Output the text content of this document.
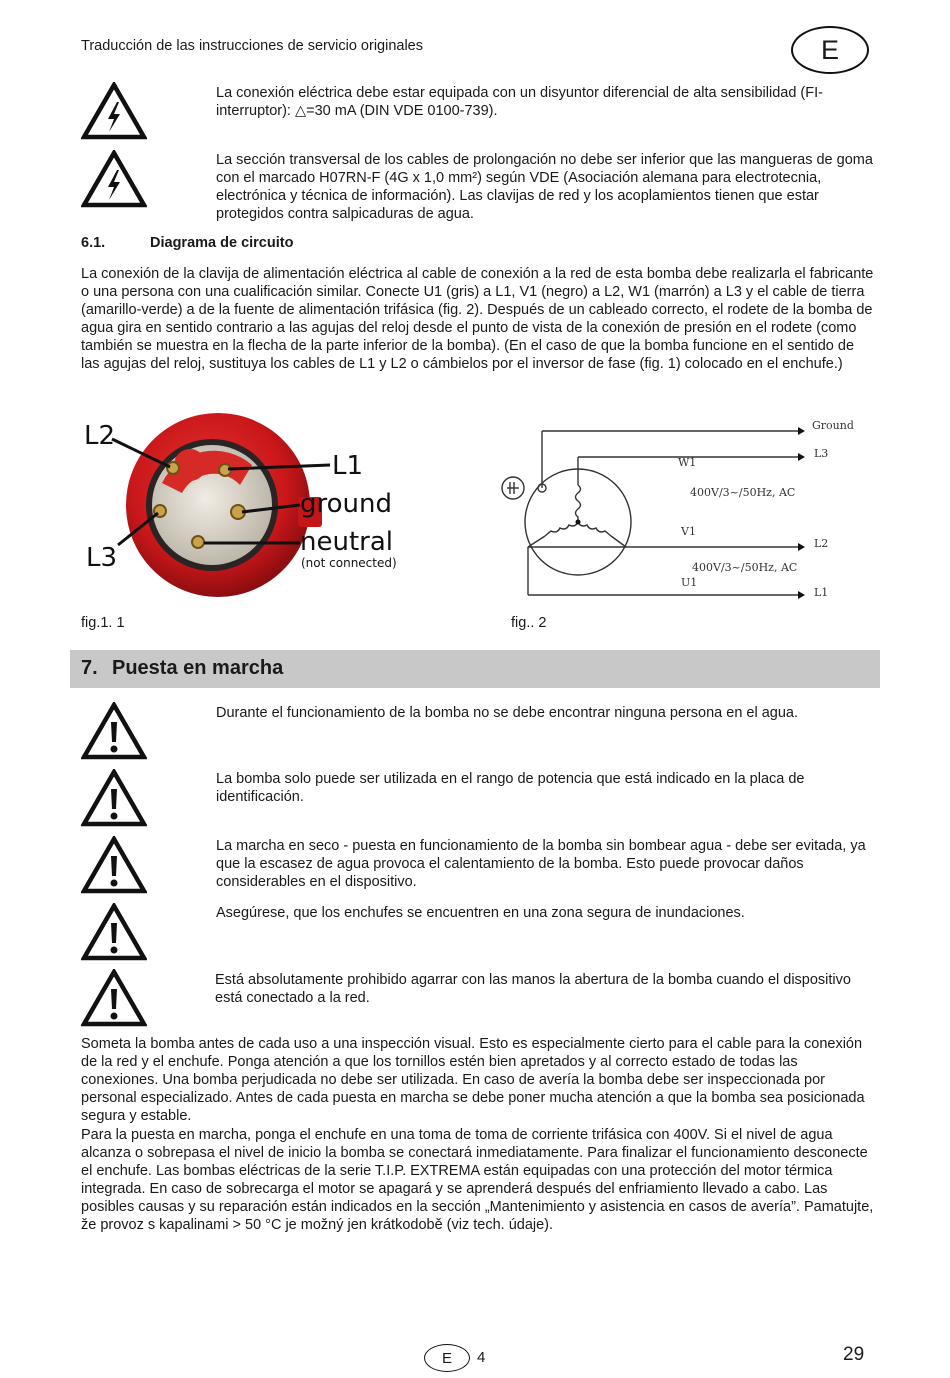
Traducción de las instrucciones de servicio originales	E
La conexión eléctrica debe estar equipada con un disyuntor diferencial de alta sensibilidad (FI-interruptor): △=30 mA (DIN VDE 0100-739).
La sección transversal de los cables de prolongación no debe ser inferior que las mangueras de goma con el marcado H07RN-F (4G x 1,0 mm²) según VDE (Asociación alemana para electrotecnia, electrónica y técnica de información). Las clavijas de red y los acoplamientos tienen que estar protegidos contra salpicaduras de agua.
6.1.	Diagrama de circuito
La conexión de la clavija de alimentación eléctrica al cable de conexión a la red de esta bomba debe realizarla el fabricante o una persona con una cualificación similar. Conecte U1 (gris) a L1, V1 (negro) a L2, W1 (marrón) a L3 y el cable de tierra (amarillo-verde) a de la fuente de alimentación trifásica (fig. 2). Después de un cableado correcto, el rodete de la bomba de agua gira en sentido contrario a las agujas del reloj desde el punto de vista de la conexión de presión en el rodete (como también se muestra en la flecha de la parte inferior de la bomba). (En el caso de que la bomba funcione en el sentido de las agujas del reloj, sustituya los cables de L1 y L2 o cámbielos por el inversor de fase (fig. 1) colocado en el enchufe.)
L2
L1
ground
neutral
(not connected)
L3
Ground
L3
W1
400V/3~/50Hz, AC
V1
L2
400V/3~/50Hz, AC
U1
L1
fig.1. 1	fig.. 2
7. Puesta en marcha
Durante el funcionamiento de la bomba no se debe encontrar ninguna persona en el agua.
La bomba solo puede ser utilizada en el rango de potencia que está indicado en la placa de identificación.
La marcha en seco - puesta en funcionamiento de la bomba sin bombear agua - debe ser evitada, ya que la escasez de agua provoca el calentamiento de la bomba. Esto puede provocar daños considerables en el dispositivo.
Asegúrese, que los enchufes se encuentren en una zona segura de inundaciones.
Está absolutamente prohibido agarrar con las manos la abertura de la bomba cuando el dispositivo está conectado a la red.
Someta la bomba antes de cada uso a una inspección visual. Esto es especialmente cierto para el cable para la conexión de la red y el enchufe. Ponga atención a que los tornillos estén bien apretados y al correcto estado de todas las conexiones. Una bomba perjudicada no debe ser utilizada. En caso de avería la bomba debe ser inspeccionada por personal especializado. Antes de cada puesta en marcha se debe poner mucha atención a que la bomba sea posicionada segura y estable.
Para la puesta en marcha, ponga el enchufe en una toma de toma de corriente trifásica con 400V. Si el nivel de agua alcanza o sobrepasa el nivel de inicio la bomba se conectará inmediatamente. Para finalizar el funcionamiento desconecte el enchufe. Las bombas eléctricas de la serie T.I.P. EXTREMA están equipadas con una protección del motor térmica integrada. En caso de sobrecarga el motor se apagará y se aprenderá después del enfriamiento llevado a cabo. Las posibles causas y su reparación están indicados en la sección „Mantenimiento y asistencia en casos de avería”. Pamatujte, že provoz s kapalinami > 50 °C je možný jen krátkodobě (viz tech. údaje).
E	4	29
